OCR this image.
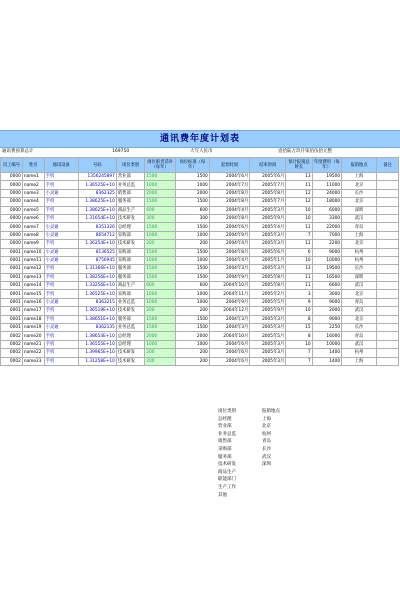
通讯费年度计划表
通讯费预算总计	169750	大写人民币	壹拾陆万玖仟柒佰伍拾元整
员工编号	姓名	通讯设备	号码	岗位类别	岗位职责话补（每年）	岗位标准（每年）	起始时间	结束时间	预计报销总时长	年度费用（每年）	报销地点	备注
0000	name1	手机	1356245897	营业部	1500	1500	2004年6月	2005年6月	13	19500	上海	
0000	name2	手机	1.36525E+10	业务总监	1000	1000	2004年7月	2005年7月	11	11000	北京	
0000	name3	小灵通	8362325	销售部	2000	2000	2004年8月	2005年8月	12	24000	长沙	
0000	name4	手机	1.38625E+10	服务部	1500	1500	2004年8月	2005年7月	12	18000	北京	
0000	name5	手机	1.38625E+10	商品生产	600	600	2004年4月	2005年3月	10	6000	深圳	
0000	name6	手机	1.31654E+10	技术研发	300	300	2004年8月	2005年9月	10	3300	武汉	
0000	name7	小灵通	8351326	总经理	1500	1500	2004年6月	2005年4月	11	22000	青岛	
0000	name8	小灵通	8654712	采购部	1000	1000	2004年9月	2005年3月	7	7000	上海	
0000	name9	手机	1.36254E+10	技术研发	200	200	2004年4月	2005年3月	11	2200	北京	
0001	name10	小灵通	8136525	采购部	1500	1500	2004年8月	2005年6月	6	9000	杭州	
0001	name11	小灵通	8756945	采购部	1000	1000	2004年4月	2005年1月	10	10000	杭州	
0001	name12	手机	1.31366E+10	服务部	1500	1500	2004年3月	2005年3月	13	19500	长沙	
0001	name13	手机	1.38256E+10	服务部	1500	1500	2004年9月	2005年8月	11	16500	深圳	
0001	name14	手机	1.33256E+10	商品生产	600	600	2004年10月	2005年8月	11	6600	武汉	
0001	name15	手机	1.36525E+10	采购部	1000	1000	2004年11月	2005年2月	3	3000	北京	
0001	name16	小灵通	8363215	业务总监	1000	1000	2004年9月	2005年5月	9	9000	青岛	
0001	name17	手机	1.36519E+10	技术研发	200	200	2004年12月	2005年9月	10	2000	武汉	
0001	name18	手机	1.38651E+10	服务部	1500	1500	2004年3月	2005年3月	8	9000	北京	
0001	name19	小灵通	8362135	业务总监	1500	1500	2004年3月	2005年3月	15	2250	长沙	
0002	name20	手机	1.38654E+10	总经理	2000	2000	2004年10月	2005年5月	8	16000	青岛	
0002	name21	手机	1.36555E+10	总经理	1000	1000	2004年6月	2005年3月	10	10000	武汉	
0002	name22	手机	1.39965E+10	技术研发	200	200	2004年6月	2005年3月	7	1400	杭州	
0002	name23	手机	1.31258E+10	技术研发	200	200	2004年6月	2005年3月	7	1400	上海	
岗位类别
总经理
营业部
业务总监
销售部
采购部
服务部
技术研发
商品生产
职能部门
生产工作
其他
报销地点
上海
北京
杭州
青岛
长沙
武汉
深圳
